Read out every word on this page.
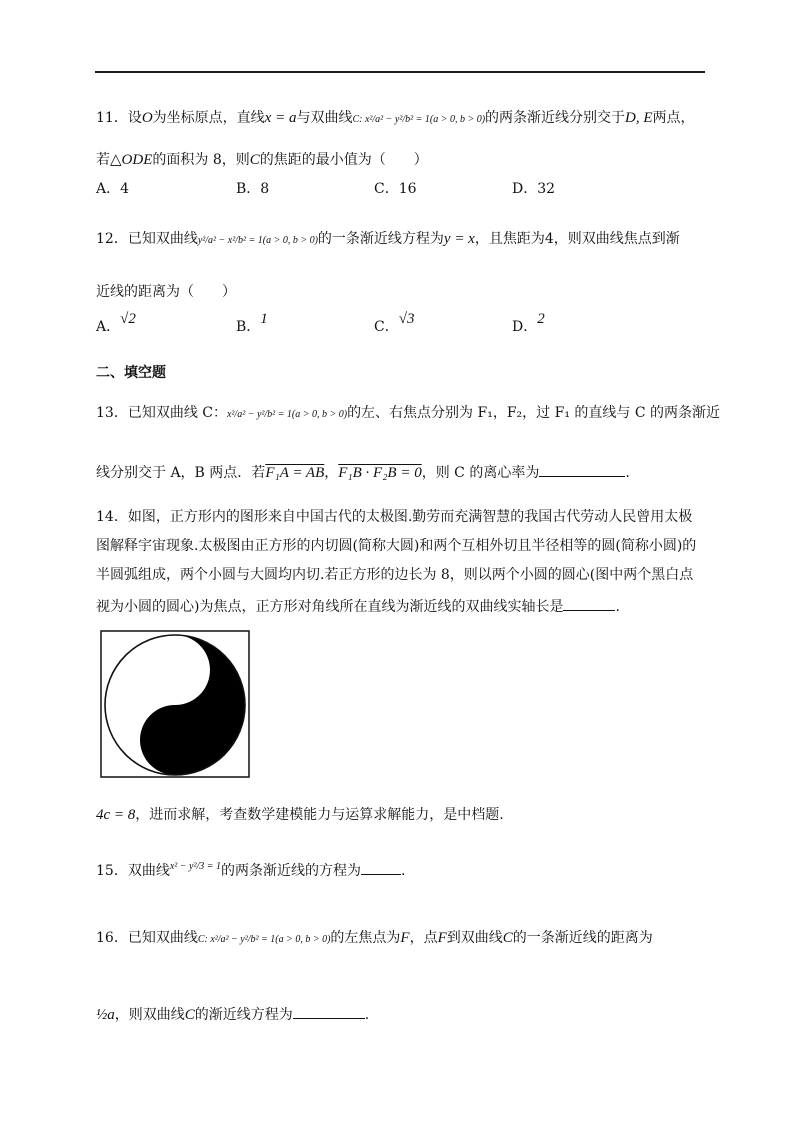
11．设O为坐标原点，直线x = a与双曲线C: x²/a² − y²/b² = 1(a > 0, b > 0)的两条渐近线分别交于D, E两点，
若△ODE的面积为 8，则C的焦距的最小值为（　　）
A．4	B．8	C．16	D．32
12．已知双曲线y²/a² − x²/b² = 1(a > 0, b > 0)的一条渐近线方程为y = x，且焦距为4，则双曲线焦点到渐
近线的距离为（　　）
A．√2	B．1	C．√3	D．2
二、填空题
13．已知双曲线 C：x²/a² − y²/b² = 1(a > 0, b > 0)的左、右焦点分别为 F₁，F₂，过 F₁ 的直线与 C 的两条渐近
线分别交于 A，B 两点．若F₁A = AB，F₁B · F₂B = 0，则 C 的离心率为	.
14．如图，正方形内的图形来自中国古代的太极图.勤劳而充满智慧的我国古代劳动人民曾用太极
图解释宇宙现象.太极图由正方形的内切圆(简称大圆)和两个互相外切且半径相等的圆(简称小圆)的
半圆弧组成，两个小圆与大圆均内切.若正方形的边长为 8，则以两个小圆的圆心(图中两个黑白点
视为小圆的圆心)为焦点，正方形对角线所在直线为渐近线的双曲线实轴长是	.
4c = 8，进而求解，考查数学建模能力与运算求解能力，是中档题.
15．双曲线$^{x^2 - y^2/3 = 1}$的两条渐近线的方程为	.
16．已知双曲线C: x²/a² − y²/b² = 1(a > 0, b > 0)的左焦点为F，点F到双曲线C的一条渐近线的距离为
½a，则双曲线C的渐近线方程为	.
